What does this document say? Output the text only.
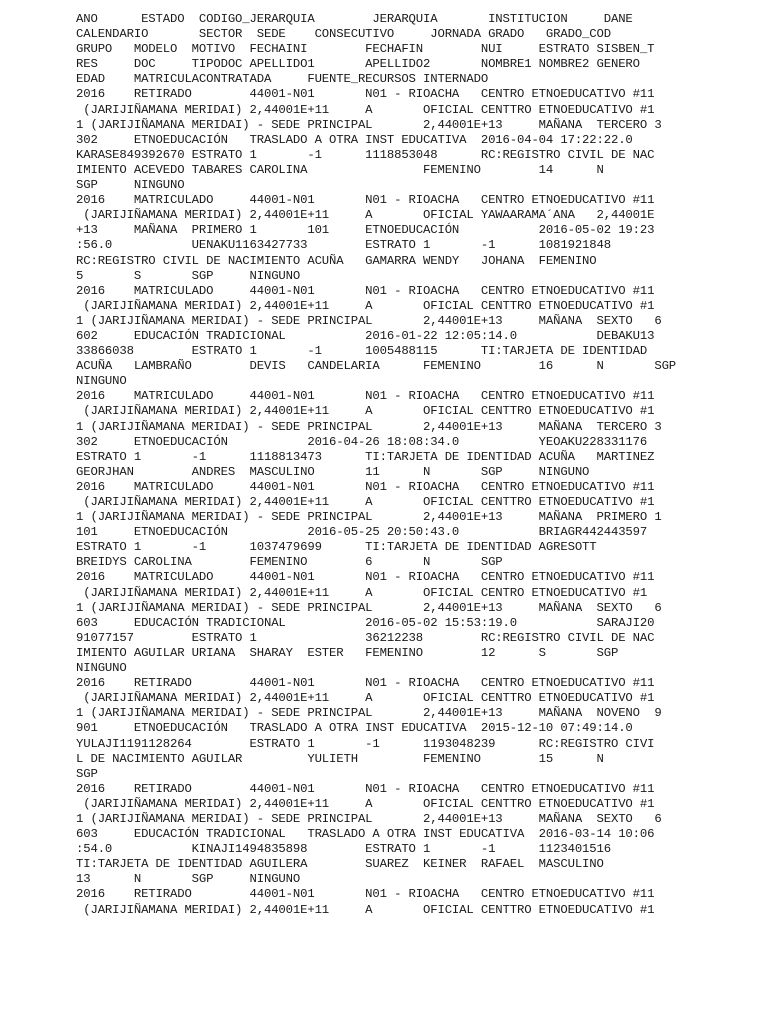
ANO      ESTADO  CODIGO_JERARQUIA        JERARQUIA       INSTITUCION     DANE
CALENDARIO       SECTOR  SEDE    CONSECUTIVO     JORNADA GRADO   GRADO_COD
GRUPO   MODELO  MOTIVO  FECHAINI        FECHAFIN        NUI     ESTRATO SISBEN_T
RES     DOC     TIPODOC APELLIDO1       APELLIDO2       NOMBRE1 NOMBRE2 GENERO
EDAD    MATRICULACONTRATADA     FUENTE_RECURSOS INTERNADO
2016    RETIRADO        44001-N01       N01 - RIOACHA   CENTRO ETNOEDUCATIVO #11
(JARIJIÑAMANA MERIDAI) 2,44001E+11     A       OFICIAL CENTTRO ETNOEDUCATIVO #1
1 (JARIJIÑAMANA MERIDAI) - SEDE PRINCIPAL       2,44001E+13     MAÑANA  TERCERO 3
302     ETNOEDUCACIÓN   TRASLADO A OTRA INST EDUCATIVA  2016-04-04 17:22:22.0
KARASE849392670 ESTRATO 1       -1      1118853048      RC:REGISTRO CIVIL DE NAC
IMIENTO ACEVEDO TABARES CAROLINA                FEMENINO        14      N
SGP     NINGUNO
2016    MATRICULADO     44001-N01       N01 - RIOACHA   CENTRO ETNOEDUCATIVO #11
(JARIJIÑAMANA MERIDAI) 2,44001E+11     A       OFICIAL YAWAARAMA´ANA   2,44001E
+13     MAÑANA  PRIMERO 1       101     ETNOEDUCACIÓN           2016-05-02 19:23
:56.0           UENAKU1163427733        ESTRATO 1       -1      1081921848
RC:REGISTRO CIVIL DE NACIMIENTO ACUÑA   GAMARRA WENDY   JOHANA  FEMENINO
5       S       SGP     NINGUNO
2016    MATRICULADO     44001-N01       N01 - RIOACHA   CENTRO ETNOEDUCATIVO #11
(JARIJIÑAMANA MERIDAI) 2,44001E+11     A       OFICIAL CENTTRO ETNOEDUCATIVO #1
1 (JARIJIÑAMANA MERIDAI) - SEDE PRINCIPAL       2,44001E+13     MAÑANA  SEXTO   6
602     EDUCACIÓN TRADICIONAL           2016-01-22 12:05:14.0           DEBAKU13
33866038        ESTRATO 1       -1      1005488115      TI:TARJETA DE IDENTIDAD
ACUÑA   LAMBRAÑO        DEVIS   CANDELARIA      FEMENINO        16      N       SGP
NINGUNO
2016    MATRICULADO     44001-N01       N01 - RIOACHA   CENTRO ETNOEDUCATIVO #11
(JARIJIÑAMANA MERIDAI) 2,44001E+11     A       OFICIAL CENTTRO ETNOEDUCATIVO #1
1 (JARIJIÑAMANA MERIDAI) - SEDE PRINCIPAL       2,44001E+13     MAÑANA  TERCERO 3
302     ETNOEDUCACIÓN           2016-04-26 18:08:34.0           YEOAKU228331176
ESTRATO 1       -1      1118813473      TI:TARJETA DE IDENTIDAD ACUÑA   MARTINEZ
GEORJHAN        ANDRES  MASCULINO       11      N       SGP     NINGUNO
2016    MATRICULADO     44001-N01       N01 - RIOACHA   CENTRO ETNOEDUCATIVO #11
(JARIJIÑAMANA MERIDAI) 2,44001E+11     A       OFICIAL CENTTRO ETNOEDUCATIVO #1
1 (JARIJIÑAMANA MERIDAI) - SEDE PRINCIPAL       2,44001E+13     MAÑANA  PRIMERO 1
101     ETNOEDUCACIÓN           2016-05-25 20:50:43.0           BRIAGR442443597
ESTRATO 1       -1      1037479699      TI:TARJETA DE IDENTIDAD AGRESOTT
BREIDYS CAROLINA        FEMENINO        6       N       SGP
2016    MATRICULADO     44001-N01       N01 - RIOACHA   CENTRO ETNOEDUCATIVO #11
(JARIJIÑAMANA MERIDAI) 2,44001E+11     A       OFICIAL CENTRO ETNOEDUCATIVO #1
1 (JARIJIÑAMANA MERIDAI) - SEDE PRINCIPAL       2,44001E+13     MAÑANA  SEXTO   6
603     EDUCACIÓN TRADICIONAL           2016-05-02 15:53:19.0           SARAJI20
91077157        ESTRATO 1               36212238        RC:REGISTRO CIVIL DE NAC
IMIENTO AGUILAR URIANA  SHARAY  ESTER   FEMENINO        12      S       SGP
NINGUNO
2016    RETIRADO        44001-N01       N01 - RIOACHA   CENTRO ETNOEDUCATIVO #11
(JARIJIÑAMANA MERIDAI) 2,44001E+11     A       OFICIAL CENTTRO ETNOEDUCATIVO #1
1 (JARIJIÑAMANA MERIDAI) - SEDE PRINCIPAL       2,44001E+13     MAÑANA  NOVENO  9
901     ETNOEDUCACIÓN   TRASLADO A OTRA INST EDUCATIVA  2015-12-10 07:49:14.0
YULAJI1191128264        ESTRATO 1       -1      1193048239      RC:REGISTRO CIVI
L DE NACIMIENTO AGUILAR         YULIETH         FEMENINO        15      N
SGP
2016    RETIRADO        44001-N01       N01 - RIOACHA   CENTRO ETNOEDUCATIVO #11
(JARIJIÑAMANA MERIDAI) 2,44001E+11     A       OFICIAL CENTTRO ETNOEDUCATIVO #1
1 (JARIJIÑAMANA MERIDAI) - SEDE PRINCIPAL       2,44001E+13     MAÑANA  SEXTO   6
603     EDUCACIÓN TRADICIONAL   TRASLADO A OTRA INST EDUCATIVA  2016-03-14 10:06
:54.0           KINAJI1494835898        ESTRATO 1       -1      1123401516
TI:TARJETA DE IDENTIDAD AGUILERA        SUAREZ  KEINER  RAFAEL  MASCULINO
13      N       SGP     NINGUNO
2016    RETIRADO        44001-N01       N01 - RIOACHA   CENTRO ETNOEDUCATIVO #11
(JARIJIÑAMANA MERIDAI) 2,44001E+11     A       OFICIAL CENTTRO ETNOEDUCATIVO #1
